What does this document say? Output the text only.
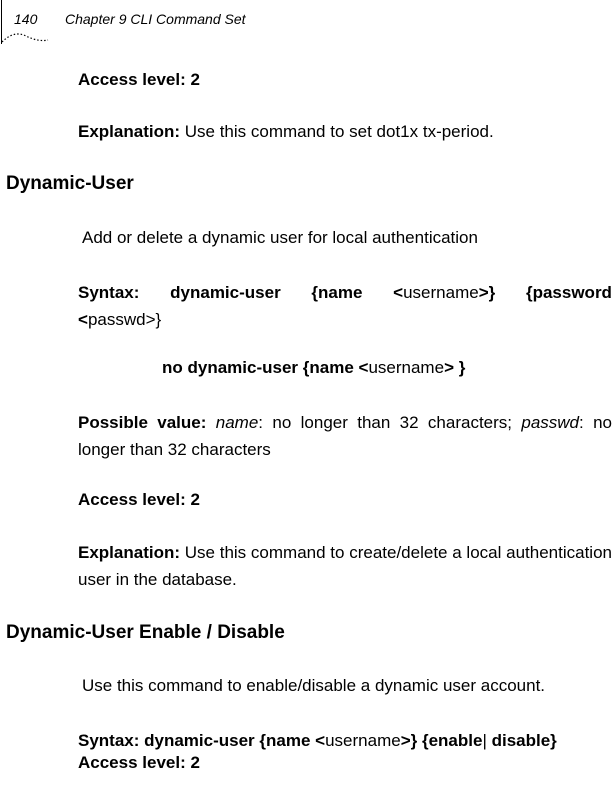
140 Chapter 9 CLI Command Set
Access level: 2
Explanation: Use this command to set dot1x tx-period.
Dynamic-User
Add or delete a dynamic user for local authentication
Syntax: dynamic-user {name <username>} {password
<passwd>}
no dynamic-user {name <username> }
Possible value: name: no longer than 32 characters; passwd: no longer than 32 characters
Access level: 2
Explanation: Use this command to create/delete a local authentication user in the database.
Dynamic-User Enable / Disable
Use this command to enable/disable a dynamic user account.
Syntax: dynamic-user {name <username>} {enable| disable}
Access level: 2
